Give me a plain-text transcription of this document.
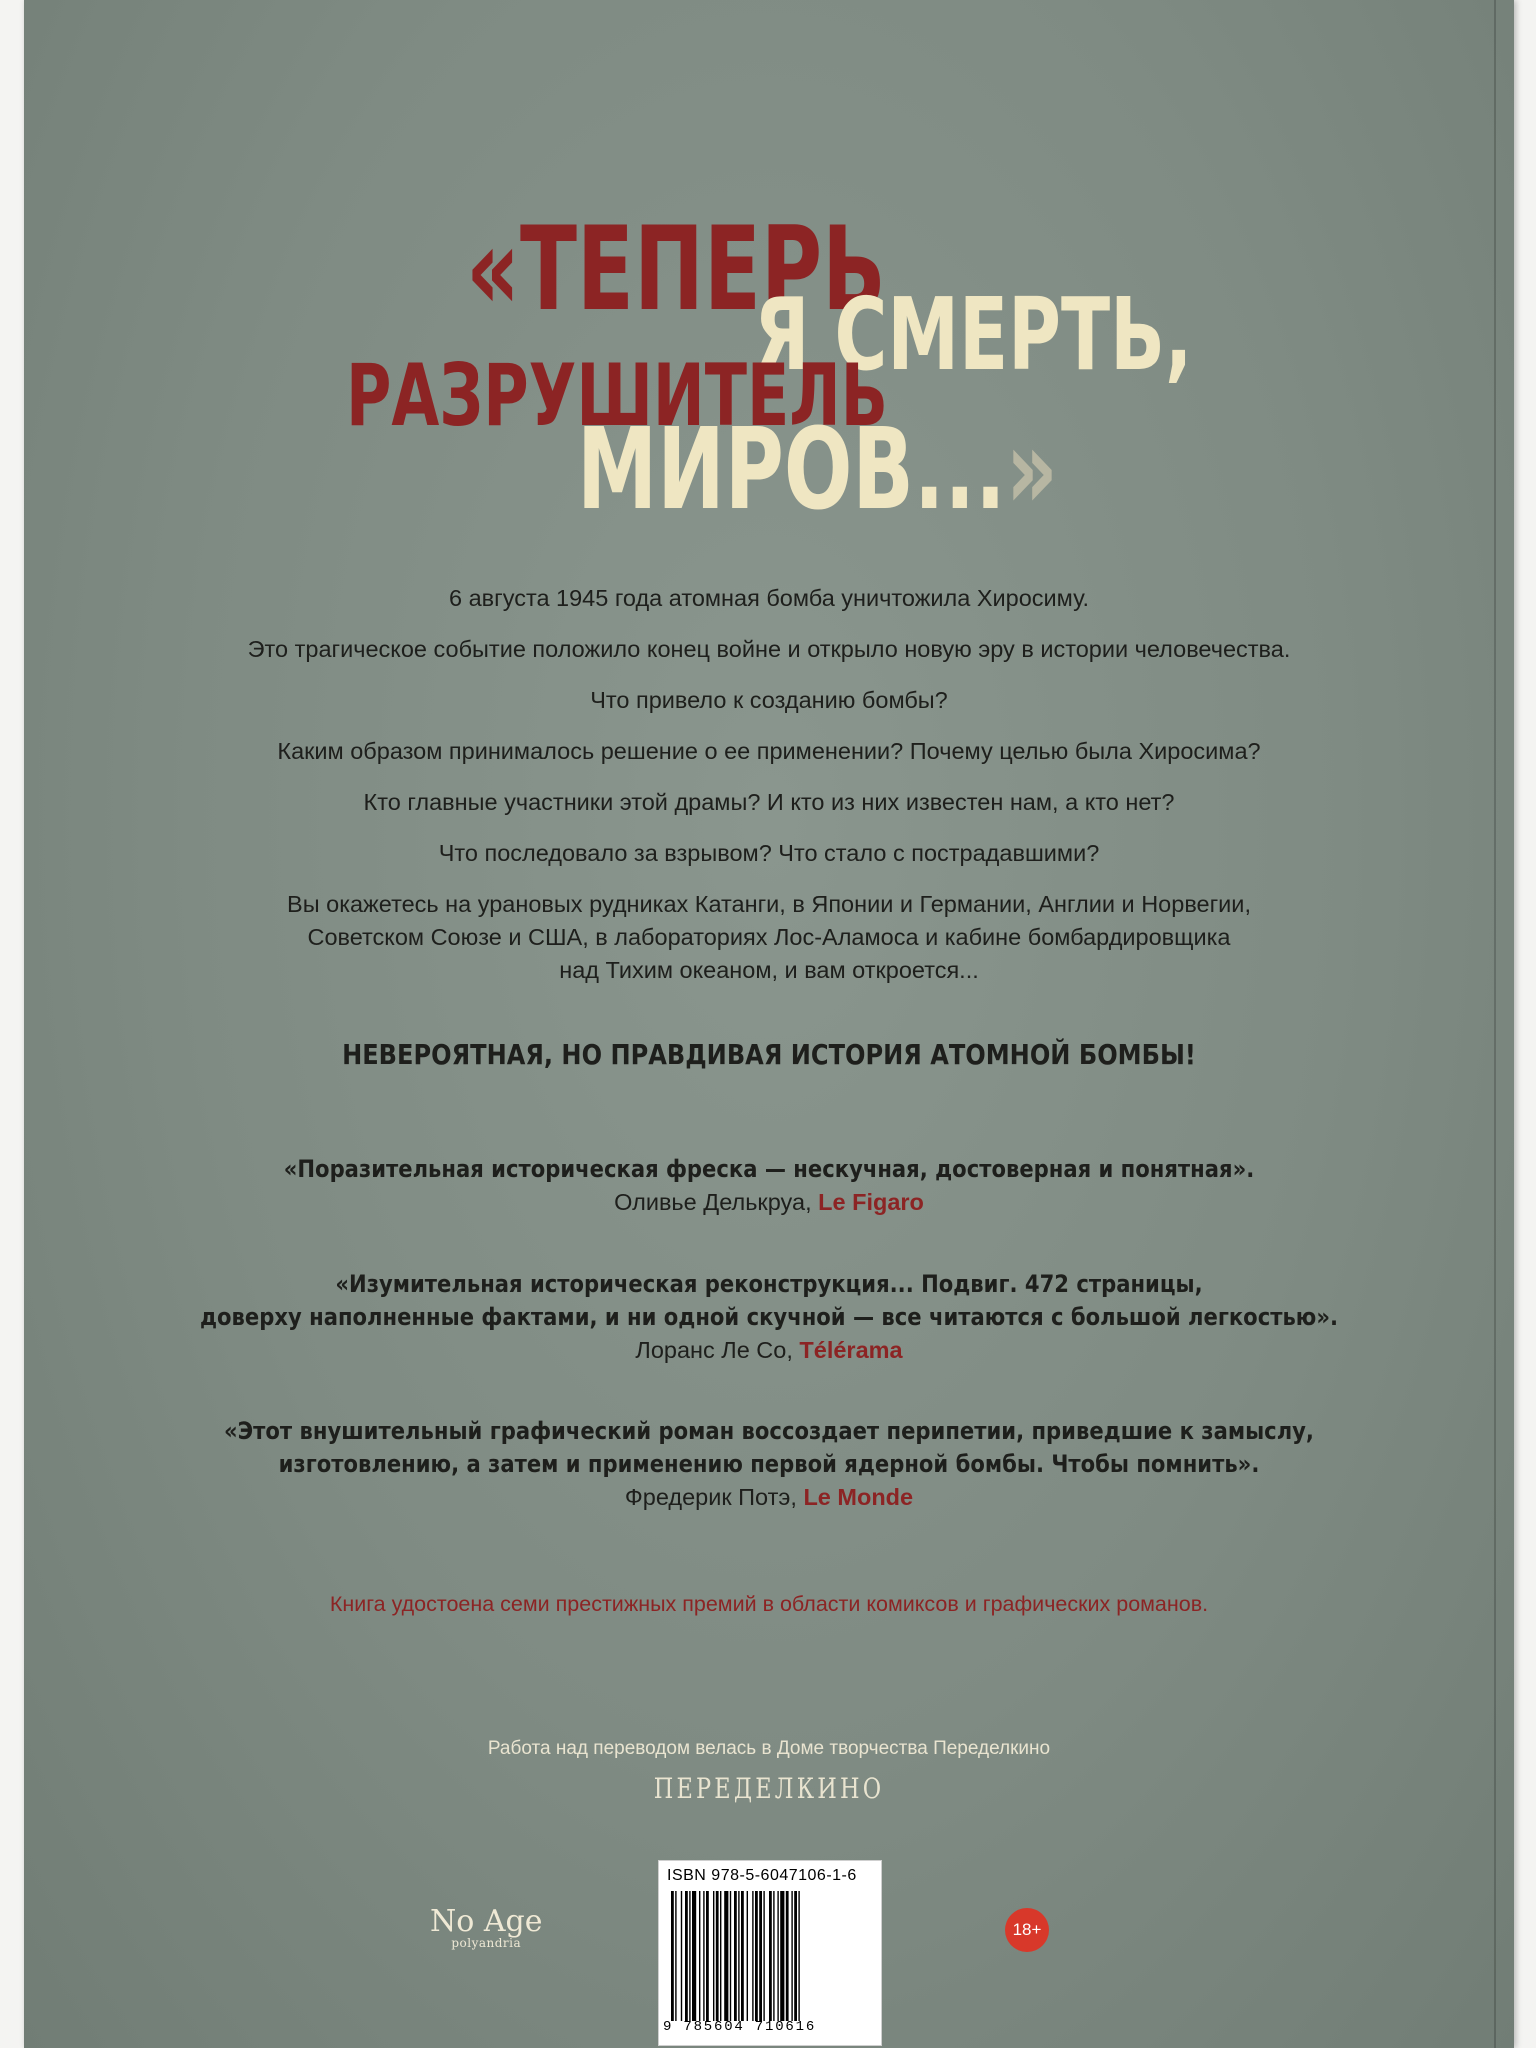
«ТЕПЕРЬ
Я СМЕРТЬ,
РАЗРУШИТЕЛЬ
МИРОВ...»
6 августа 1945 года атомная бомба уничтожила Хиросиму.
Это трагическое событие положило конец войне и открыло новую эру в истории человечества.
Что привело к созданию бомбы?
Каким образом принималось решение о ее применении? Почему целью была Хиросима?
Кто главные участники этой драмы? И кто из них известен нам, а кто нет?
Что последовало за взрывом? Что стало с пострадавшими?
Вы окажетесь на урановых рудниках Катанги, в Японии и Германии, Англии и Норвегии,
Советском Союзе и США, в лабораториях Лос-Аламоса и кабине бомбардировщика
над Тихим океаном, и вам откроется...
НЕВЕРОЯТНАЯ, НО ПРАВДИВАЯ ИСТОРИЯ АТОМНОЙ БОМБЫ!
«Поразительная историческая фреска — нескучная, достоверная и понятная».
Оливье Делькруа, Le Figaro
«Изумительная историческая реконструкция... Подвиг. 472 страницы,
доверху наполненные фактами, и ни одной скучной — все читаются с большой легкостью».
Лоранс Ле Со, Télérama
«Этот внушительный графический роман воссоздает перипетии, приведшие к замыслу,
изготовлению, а затем и применению первой ядерной бомбы. Чтобы помнить».
Фредерик Потэ, Le Monde
Книга удостоена семи престижных премий в области комиксов и графических романов.
Работа над переводом велась в Доме творчества Переделкино
ПЕРЕДЕЛКИНО
No Age
polyandria
ISBN 978-5-6047106-1-6
9 785604 710616
18+
